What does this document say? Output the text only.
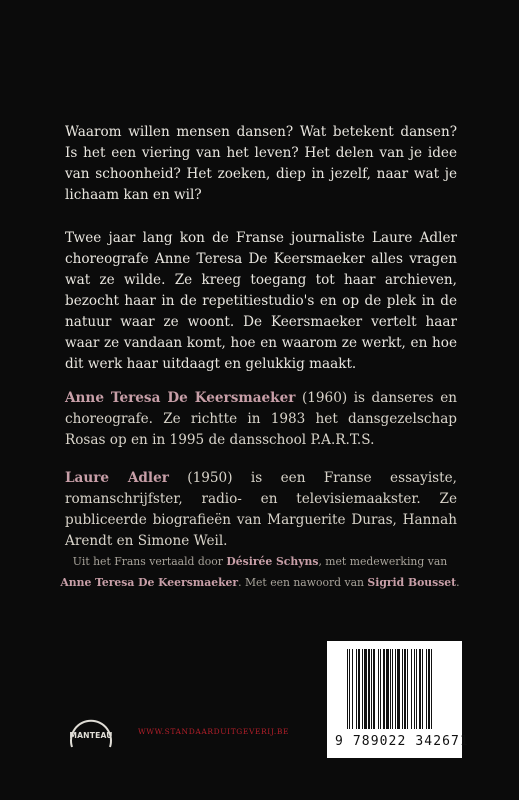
Waarom willen mensen dansen? Wat betekent dansen? Is het een viering van het leven? Het delen van je idee van schoonheid? Het zoeken, diep in jezelf, naar wat je lichaam kan en wil?

Twee jaar lang kon de Franse journaliste Laure Adler choreografe Anne Teresa De Keersmaeker alles vragen wat ze wilde. Ze kreeg toegang tot haar archieven, bezocht haar in de repetitiestudio's en op de plek in de natuur waar ze woont. De Keersmaeker vertelt haar waar ze vandaan komt, hoe en waarom ze werkt, en hoe dit werk haar uitdaagt en gelukkig maakt.

Anne Teresa De Keersmaeker (1960) is danseres en choreografe. Ze richtte in 1983 het dansgezelschap Rosas op en in 1995 de dansschool P.A.R.T.S.

Laure Adler (1950) is een Franse essayiste, romanschrijfster, radio- en televisiemaakster. Ze publiceerde biografieën van Marguerite Duras, Hannah Arendt en Simone Weil.

Uit het Frans vertaald door Désirée Schyns, met medewerking van
Anne Teresa De Keersmaeker. Met een nawoord van Sigrid Bousset.

MANTEAU	WWW.STANDAARDUITGEVERIJ.BE
9 789022 342671
